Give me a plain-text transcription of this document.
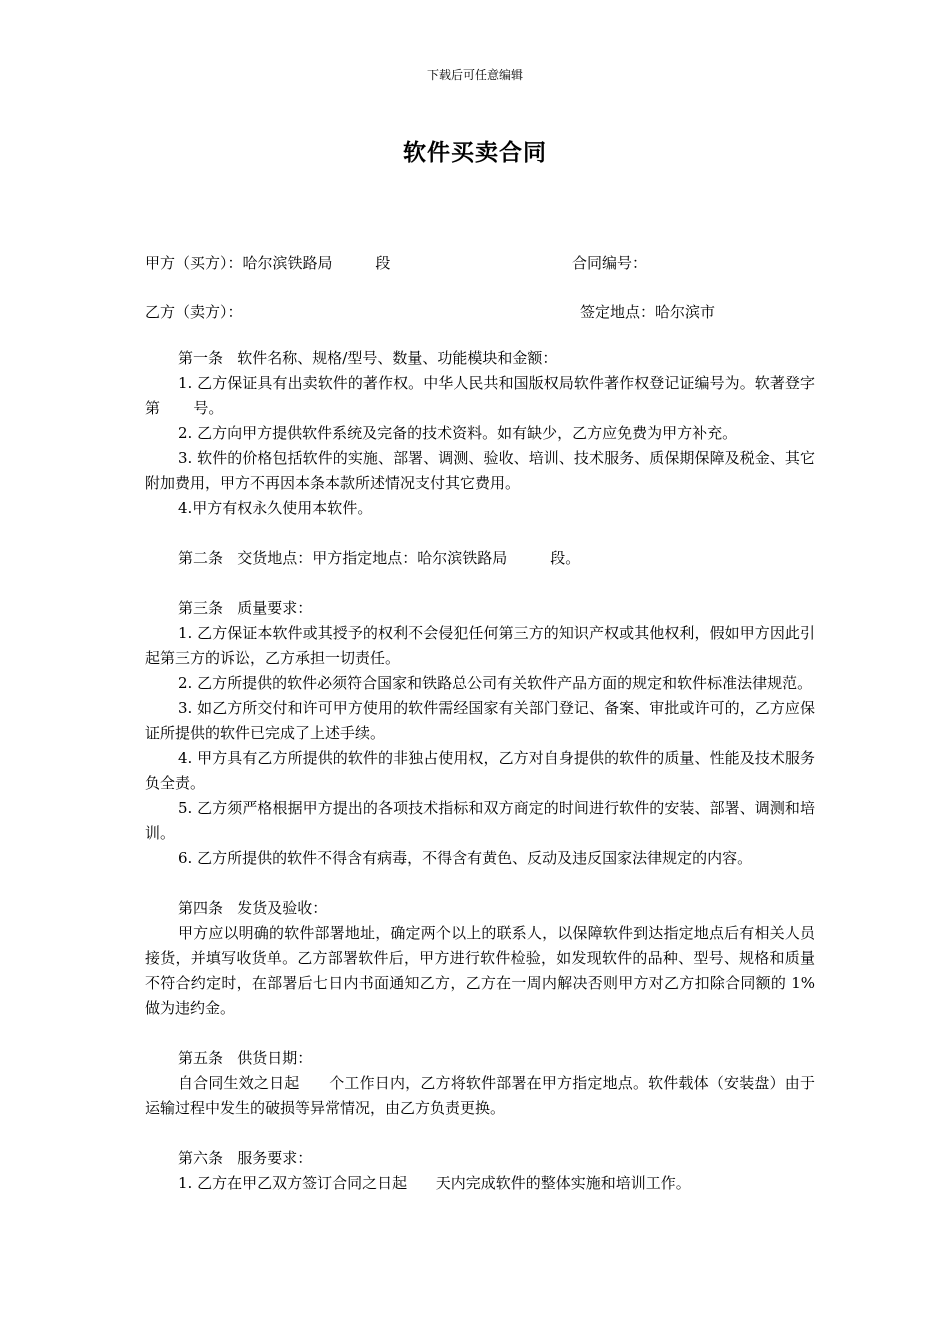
下载后可任意编辑
软件买卖合同
甲方（买方）：哈尔滨铁路局         段	合同编号：
乙方（卖方）：	签定地点：哈尔滨市

第一条   软件名称、规格/型号、数量、功能模块和金额：

1. 乙方保证具有出卖软件的著作权。中华人民共和国版权局软件著作权登记证编号为。软著登字第       号。

2. 乙方向甲方提供软件系统及完备的技术资料。如有缺少，乙方应免费为甲方补充。

3. 软件的价格包括软件的实施、部署、调测、验收、培训、技术服务、质保期保障及税金、其它附加费用，甲方不再因本条本款所述情况支付其它费用。

4.甲方有权永久使用本软件。

第二条   交货地点：甲方指定地点：哈尔滨铁路局         段。

第三条   质量要求：

1. 乙方保证本软件或其授予的权利不会侵犯任何第三方的知识产权或其他权利，假如甲方因此引起第三方的诉讼，乙方承担一切责任。

2. 乙方所提供的软件必须符合国家和铁路总公司有关软件产品方面的规定和软件标准法律规范。

3. 如乙方所交付和许可甲方使用的软件需经国家有关部门登记、备案、审批或许可的，乙方应保证所提供的软件已完成了上述手续。

4. 甲方具有乙方所提供的软件的非独占使用权，乙方对自身提供的软件的质量、性能及技术服务负全责。

5. 乙方须严格根据甲方提出的各项技术指标和双方商定的时间进行软件的安装、部署、调测和培训。

6. 乙方所提供的软件不得含有病毒，不得含有黄色、反动及违反国家法律规定的内容。

第四条   发货及验收：

甲方应以明确的软件部署地址，确定两个以上的联系人，以保障软件到达指定地点后有相关人员接货，并填写收货单。乙方部署软件后，甲方进行软件检验，如发现软件的品种、型号、规格和质量不符合约定时，在部署后七日内书面通知乙方，乙方在一周内解决否则甲方对乙方扣除合同额的 1%做为违约金。

第五条   供货日期：

自合同生效之日起      个工作日内，乙方将软件部署在甲方指定地点。软件载体（安装盘）由于运输过程中发生的破损等异常情况，由乙方负责更换。

第六条   服务要求：

1. 乙方在甲乙双方签订合同之日起      天内完成软件的整体实施和培训工作。
